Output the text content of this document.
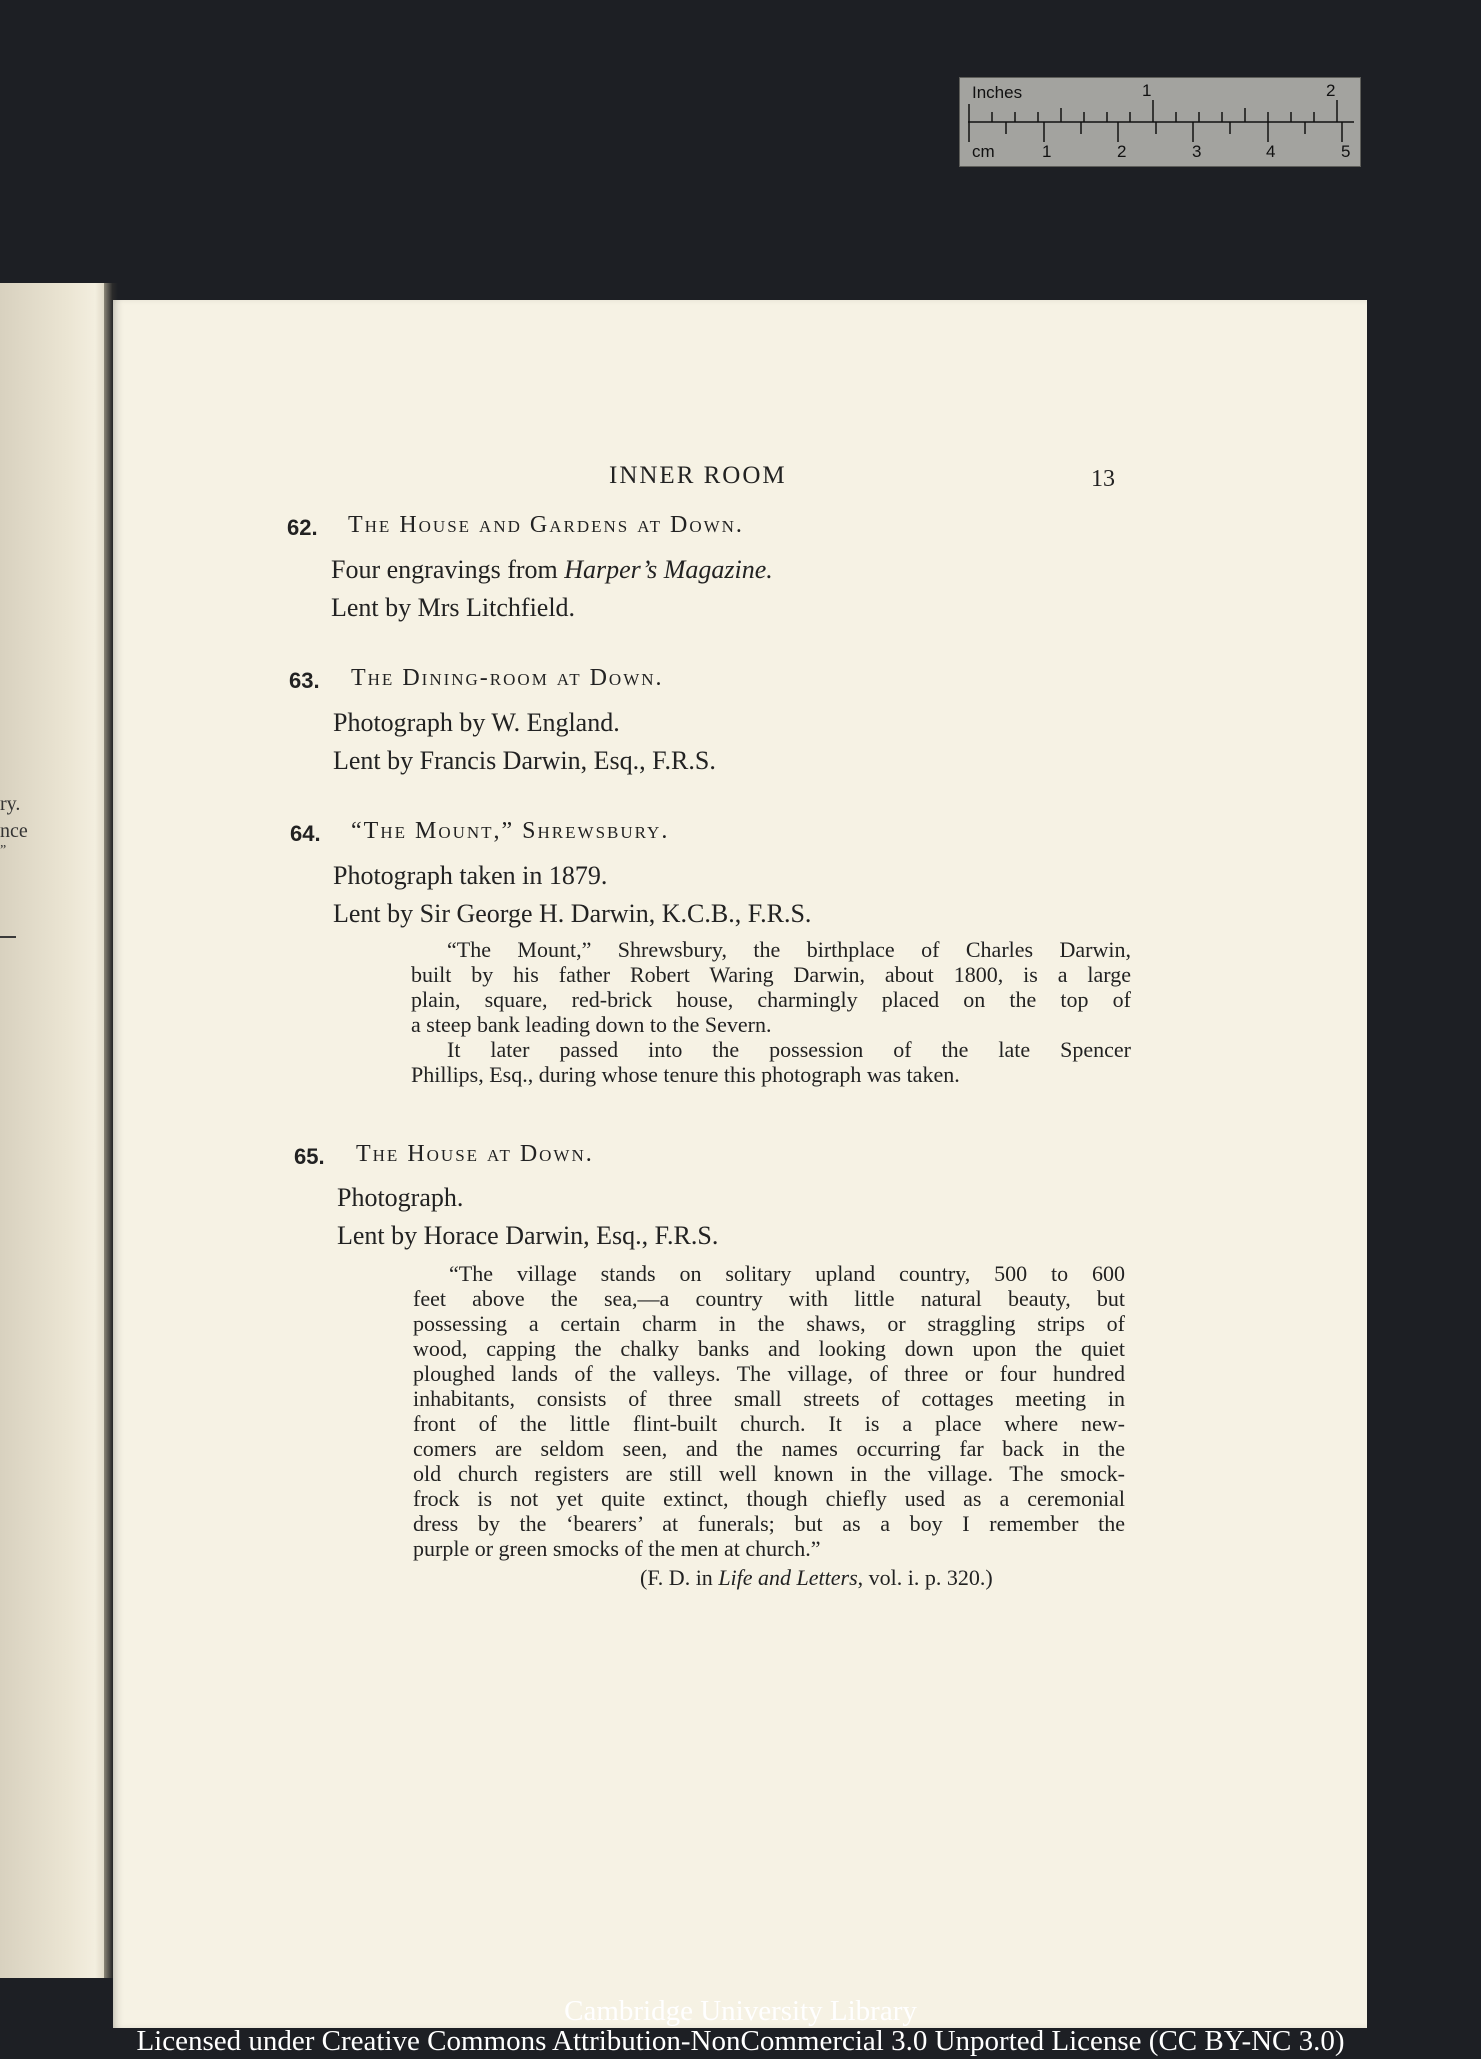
ry.
nce
”
Inches
cm
1	2
1	2	3	4	5
INNER ROOM	13
62. The House and Gardens at Down.
Four engravings from Harper’s Magazine.
Lent by Mrs Litchfield.
63. The Dining-room at Down.
Photograph by W. England.
Lent by Francis Darwin, Esq., F.R.S.
64. “The Mount,” Shrewsbury.
Photograph taken in 1879.
Lent by Sir George H. Darwin, K.C.B., F.R.S.
“The Mount,” Shrewsbury, the birthplace of Charles Darwin,
built by his father Robert Waring Darwin, about 1800, is a large
plain, square, red-brick house, charmingly placed on the top of
a steep bank leading down to the Severn.
It later passed into the possession of the late Spencer
Phillips, Esq., during whose tenure this photograph was taken.
65. The House at Down.
Photograph.
Lent by Horace Darwin, Esq., F.R.S.
“The village stands on solitary upland country, 500 to 600
feet above the sea,—a country with little natural beauty, but
possessing a certain charm in the shaws, or straggling strips of
wood, capping the chalky banks and looking down upon the quiet
ploughed lands of the valleys. The village, of three or four hundred
inhabitants, consists of three small streets of cottages meeting in
front of the little flint-built church. It is a place where new-
comers are seldom seen, and the names occurring far back in the
old church registers are still well known in the village. The smock-
frock is not yet quite extinct, though chiefly used as a ceremonial
dress by the ‘bearers’ at funerals; but as a boy I remember the
purple or green smocks of the men at church.”
(F. D. in Life and Letters, vol. i. p. 320.)
Cambridge University Library
Licensed under Creative Commons Attribution-NonCommercial 3.0 Unported License (CC BY-NC 3.0)
